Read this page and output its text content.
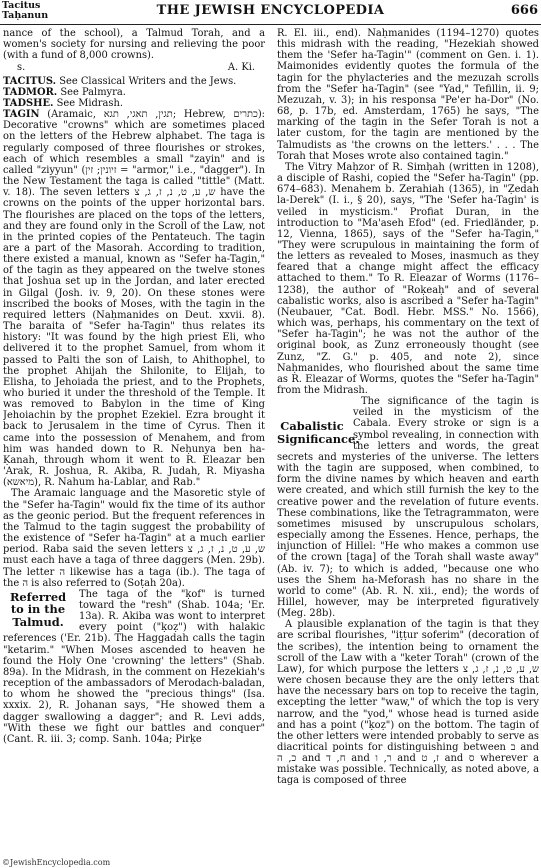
Tacitus
Taḥanun	THE JEWISH ENCYCLOPEDIA	666

nance of the school), a Talmud Torah, and a women's society for nursing and relieving the poor (with a fund of 8,000 crowns).

s.	A. Ki.

TACITUS. See Classical Writers and the Jews.

TADMOR. See Palmyra.

TADSHE. See Midrash.

TAGIN (Aramaic, תגין, תאגי, תגא; Hebrew, כתרים): Decorative "crowns" which are sometimes placed on the letters of the Hebrew alphabet. The taga is regularly composed of three flourishes or strokes, each of which resembles a small "zayin" and is called "ziyyun" (זיונין; זין = "armor," i.e., "dagger"). In the New Testament the taga is called "tittle" (Matt. v. 18). The seven letters ש, ע, ט, נ, ז, ג, צ have the crowns on the points of the upper horizontal bars. The flourishes are placed on the tops of the letters, and they are found only in the Scroll of the Law, not in the printed copies of the Pentateuch. The tagin are a part of the Masorah. According to tradition, there existed a manual, known as "Sefer ha-Tagin," of the tagin as they appeared on the twelve stones that Joshua set up in the Jordan, and later erected in Gilgal (Josh. iv. 9, 20). On these stones were inscribed the books of Moses, with the tagin in the required letters (Naḥmanides on Deut. xxvii. 8). The baraita of "Sefer ha-Tagin" thus relates its history: "It was found by the high priest Eli, who delivered it to the prophet Samuel, from whom it passed to Palti the son of Laish, to Ahithophel, to the prophet Ahijah the Shilonite, to Elijah, to Elisha, to Jehoiada the priest, and to the Prophets, who buried it under the threshold of the Temple. It was removed to Babylon in the time of King Jehoiachin by the prophet Ezekiel. Ezra brought it back to Jerusalem in the time of Cyrus. Then it came into the possession of Menahem, and from him was handed down to R. Neḥunya ben ha-Ḳanah, through whom it went to R. Eleazar ben 'Arak, R. Joshua, R. Akiba, R. Judah, R. Miyasha (מיאשא), R. Nahum ha-Lablar, and Rab."

The Aramaic language and the Masoretic style of the "Sefer ha-Tagin" would fix the time of its author as the geonic period. But the frequent references in the Talmud to the tagin suggest the probability of the existence of "Sefer ha-Tagin" at a much earlier period. Raba said the seven letters ש, ע, ט, נ, ז, ג, צ must each have a taga of three daggers (Men. 29b). The letter ה likewise has a taga (ib.). The taga of the ה is also referred to (Soṭah 20a).

Referred to in the Talmud.

The taga of the "ḳof" is turned toward the "resh" (Shab. 104a; 'Er. 13a). R. Akiba was wont to interpret every point ("ḳoẓ") with halakic references ('Er. 21b). The Haggadah calls the tagin "ketarim." "When Moses ascended to heaven he found the Holy One 'crowning' the letters" (Shab. 89a). In the Midrash, in the comment on Hezekiah's reception of the ambassadors of Merodach-baladan, to whom he showed the "precious things" (Isa. xxxix. 2), R. Johanan says, "He showed them a dagger swallowing a dagger"; and R. Levi adds, "With these we fight our battles and conquer" (Cant. R. iii. 3; comp. Sanh. 104a; Pirḳe

R. El. iii., end). Naḥmanides (1194–1270) quotes this midrash with the reading, "Hezekiah showed them the 'Sefer ha-Tagin'" (comment on Gen. i. 1). Maimonides evidently quotes the formula of the tagin for the phylacteries and the mezuzah scrolls from the "Sefer ha-Tagin" (see "Yad," Tefillin, ii. 9; Mezuzah, v. 3); in his responsa "Pe'er ha-Dor" (No. 68, p. 17b, ed. Amsterdam, 1765) he says, "The marking of the tagin in the Sefer Torah is not a later custom, for the tagin are mentioned by the Talmudists as 'the crowns on the letters.' . . . The Torah that Moses wrote also contained tagin."

The Vitry Maḥzor of R. Simḥah (written in 1208), a disciple of Rashi, copied the "Sefer ha-Tagin" (pp. 674–683). Menahem b. Zerahiah (1365), in "Ẓedah la-Derek" (I. i., § 20), says, "The 'Sefer ha-Tagin' is veiled in mysticism." Profiat Duran, in the introduction to "Ma'aseh Efod" (ed. Friedländer, p. 12, Vienna, 1865), says of the "Sefer ha-Tagin," "They were scrupulous in maintaining the form of the letters as revealed to Moses, inasmuch as they feared that a change might affect the efficacy attached to them." To R. Eleazar of Worms (1176–1238), the author of "Roḳeaḥ" and of several cabalistic works, also is ascribed a "Sefer ha-Tagin" (Neubauer, "Cat. Bodl. Hebr. MSS." No. 1566), which was, perhaps, his commentary on the text of "Sefer ha-Tagin"; he was not the author of the original book, as Zunz erroneously thought (see Zunz, "Z. G." p. 405, and note 2), since Naḥmanides, who flourished about the same time as R. Eleazar of Worms, quotes the "Sefer ha-Tagin" from the Midrash.

Cabalistic Significance.

The significance of the tagin is veiled in the mysticism of the Cabala. Every stroke or sign is a symbol revealing, in connection with the letters and words, the great secrets and mysteries of the universe. The letters with the tagin are supposed, when combined, to form the divine names by which heaven and earth were created, and which still furnish the key to the creative power and the revelation of future events. These combinations, like the Tetragrammaton, were sometimes misused by unscrupulous scholars, especially among the Essenes. Hence, perhaps, the injunction of Hillel: "He who makes a common use of the crown [taga] of the Torah shall waste away" (Ab. iv. 7); to which is added, "because one who uses the Shem ha-Meforash has no share in the world to come" (Ab. R. N. xii., end); the words of Hillel, however, may be interpreted figuratively (Meg. 28b).

A plausible explanation of the tagin is that they are scribal flourishes, "iṭṭur soferim" (decoration of the scribes), the intention being to ornament the scroll of the Law with a "keter Torah" (crown of the Law), for which purpose the letters ש, ע, ט, נ, ז, ג, צ were chosen because they are the only letters that have the necessary bars on top to receive the tagin, excepting the letter "waw," of which the top is very narrow, and the "yod," whose head is turned aside and has a point ("ḳoẓ") on the bottom. The tagin of the other letters were intended probably to serve as diacritical points for distinguishing between ב and כ, ה and ח, ד and ר, ו and ז, ט and ס wherever a mistake was possible. Technically, as noted above, a taga is composed of three

©JewishEncyclopedia.com
